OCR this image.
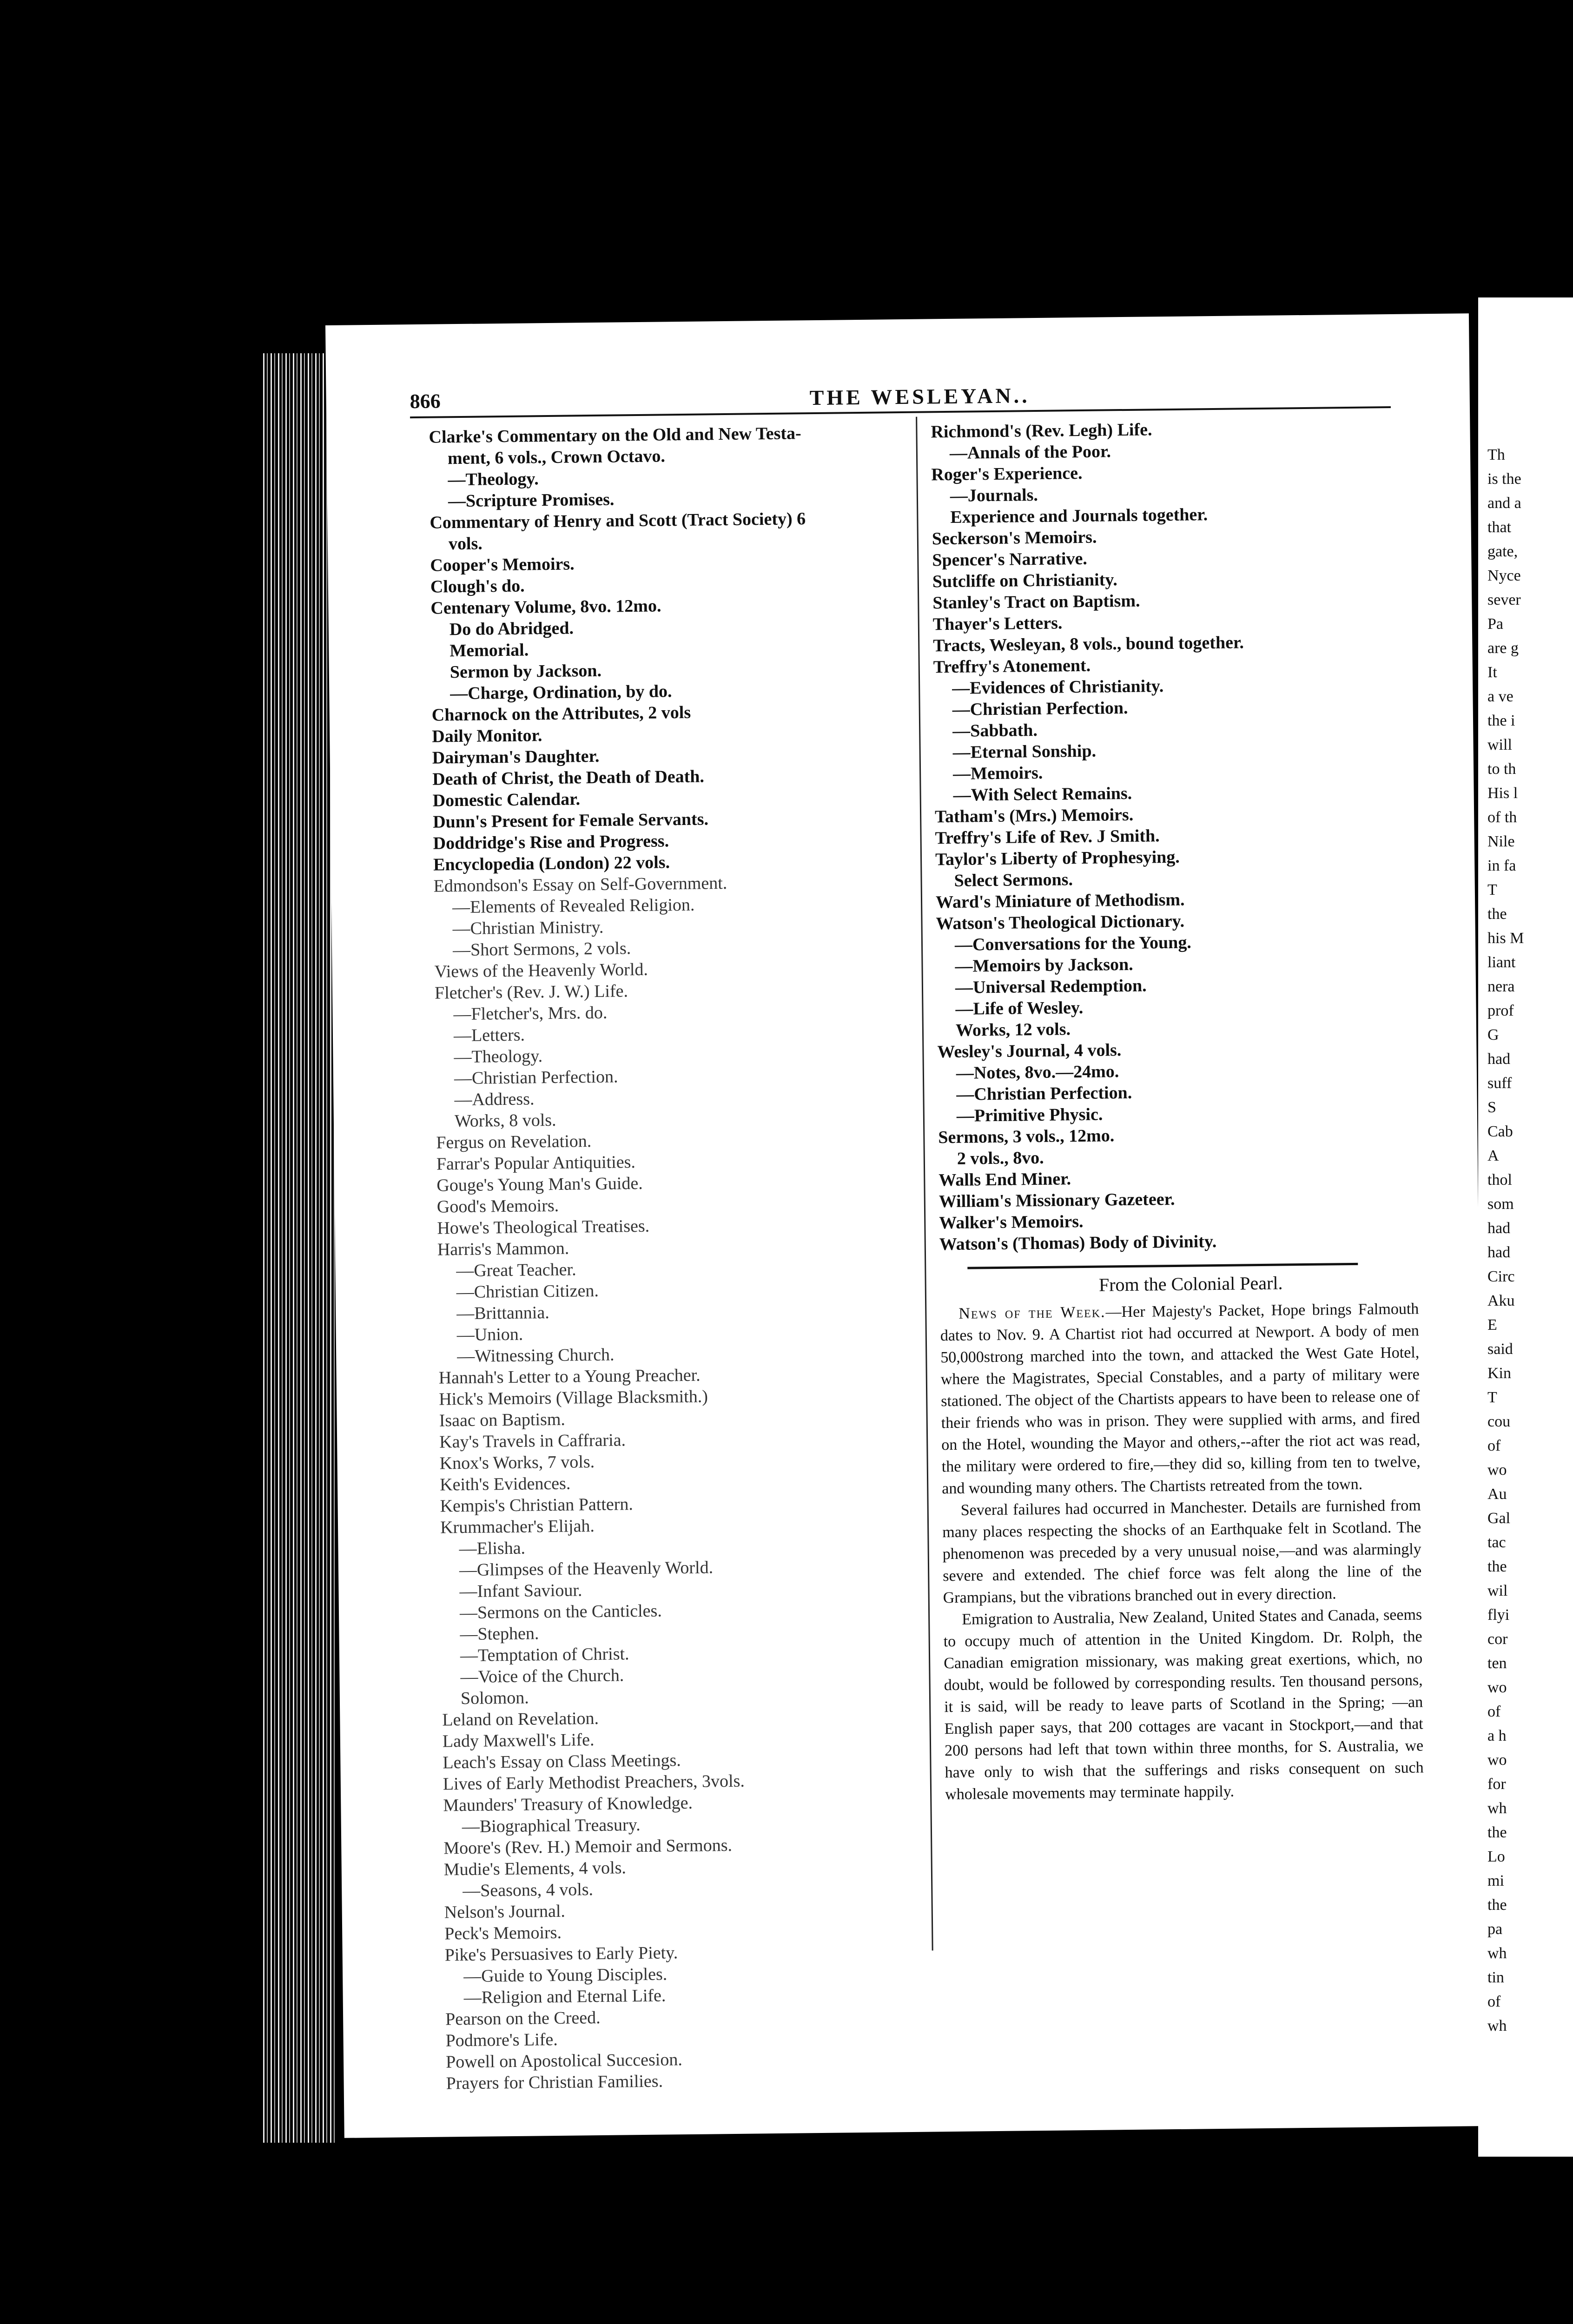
Th
is the
and a
that
gate,
Nyce
sever
Pa
are g
It
a ve
the i
will
to th
His l
of th
Nile
in fa
T
the
his M
liant
nera
prof
G
had
suff
S
Cab
A
thol
som
had
had
Circ
Aku
E
said
Kin
T
cou
of
wo
Au
Gal
tac
the
wil
flyi
cor
ten
wo
of
a h
wo
for
wh
the
Lo
mi
the
pa
wh
tin
of
wh
866	THE WESLEYAN..
Clarke's Commentary on the Old and New Testa-
ment, 6 vols., Crown Octavo.
—Theology.
—Scripture Promises.
Commentary of Henry and Scott (Tract Society) 6
vols.
Cooper's Memoirs.
Clough's do.
Centenary Volume, 8vo. 12mo.
Do do Abridged.
Memorial.
Sermon by Jackson.
—Charge, Ordination, by do.
Charnock on the Attributes, 2 vols
Daily Monitor.
Dairyman's Daughter.
Death of Christ, the Death of Death.
Domestic Calendar.
Dunn's Present for Female Servants.
Doddridge's Rise and Progress.
Encyclopedia (London) 22 vols.
Edmondson's Essay on Self-Government.
—Elements of Revealed Religion.
—Christian Ministry.
—Short Sermons, 2 vols.
Views of the Heavenly World.
Fletcher's (Rev. J. W.) Life.
—Fletcher's, Mrs. do.
—Letters.
—Theology.
—Christian Perfection.
—Address.
Works, 8 vols.
Fergus on Revelation.
Farrar's Popular Antiquities.
Gouge's Young Man's Guide.
Good's Memoirs.
Howe's Theological Treatises.
Harris's Mammon.
—Great Teacher.
—Christian Citizen.
—Brittannia.
—Union.
—Witnessing Church.
Hannah's Letter to a Young Preacher.
Hick's Memoirs (Village Blacksmith.)
Isaac on Baptism.
Kay's Travels in Caffraria.
Knox's Works, 7 vols.
Keith's Evidences.
Kempis's Christian Pattern.
Krummacher's Elijah.
—Elisha.
—Glimpses of the Heavenly World.
—Infant Saviour.
—Sermons on the Canticles.
—Stephen.
—Temptation of Christ.
—Voice of the Church.
Solomon.
Leland on Revelation.
Lady Maxwell's Life.
Leach's Essay on Class Meetings.
Lives of Early Methodist Preachers, 3vols.
Maunders' Treasury of Knowledge.
—Biographical Treasury.
Moore's (Rev. H.) Memoir and Sermons.
Mudie's Elements, 4 vols.
—Seasons, 4 vols.
Nelson's Journal.
Peck's Memoirs.
Pike's Persuasives to Early Piety.
—Guide to Young Disciples.
—Religion and Eternal Life.
Pearson on the Creed.
Podmore's Life.
Powell on Apostolical Succesion.
Prayers for Christian Families.
Richmond's (Rev. Legh) Life.
—Annals of the Poor.
Roger's Experience.
—Journals.
Experience and Journals together.
Seckerson's Memoirs.
Spencer's Narrative.
Sutcliffe on Christianity.
Stanley's Tract on Baptism.
Thayer's Letters.
Tracts, Wesleyan, 8 vols., bound together.
Treffry's Atonement.
—Evidences of Christianity.
—Christian Perfection.
—Sabbath.
—Eternal Sonship.
—Memoirs.
—With Select Remains.
Tatham's (Mrs.) Memoirs.
Treffry's Life of Rev. J Smith.
Taylor's Liberty of Prophesying.
Select Sermons.
Ward's Miniature of Methodism.
Watson's Theological Dictionary.
—Conversations for the Young.
—Memoirs by Jackson.
—Universal Redemption.
—Life of Wesley.
Works, 12 vols.
Wesley's Journal, 4 vols.
—Notes, 8vo.—24mo.
—Christian Perfection.
—Primitive Physic.
Sermons, 3 vols., 12mo.
2 vols., 8vo.
Walls End Miner.
William's Missionary Gazeteer.
Walker's Memoirs.
Watson's (Thomas) Body of Divinity.
From the Colonial Pearl.

News of the Week.—Her Majesty's Packet, Hope brings Falmouth dates to Nov. 9. A Chartist riot had occurred at Newport. A body of men 50,000strong marched into the town, and attacked the West Gate Hotel, where the Magistrates, Special Constables, and a party of military were stationed. The object of the Chartists appears to have been to release one of their friends who was in prison. They were supplied with arms, and fired on the Hotel, wounding the Mayor and others,--after the riot act was read, the military were ordered to fire,—they did so, killing from ten to twelve, and wounding many others. The Chartists retreated from the town.

Several failures had occurred in Manchester. Details are furnished from many places respecting the shocks of an Earthquake felt in Scotland. The phenomenon was preceded by a very unusual noise,—and was alarmingly severe and extended. The chief force was felt along the line of the Grampians, but the vibrations branched out in every direction.

Emigration to Australia, New Zealand, United States and Canada, seems to occupy much of attention in the United Kingdom. Dr. Rolph, the Canadian emigration missionary, was making great exertions, which, no doubt, would be followed by corresponding results. Ten thousand persons, it is said, will be ready to leave parts of Scotland in the Spring; —an English paper says, that 200 cottages are vacant in Stockport,—and that 200 persons had left that town within three months, for S. Australia, we have only to wish that the sufferings and risks consequent on such wholesale movements may terminate happily.
